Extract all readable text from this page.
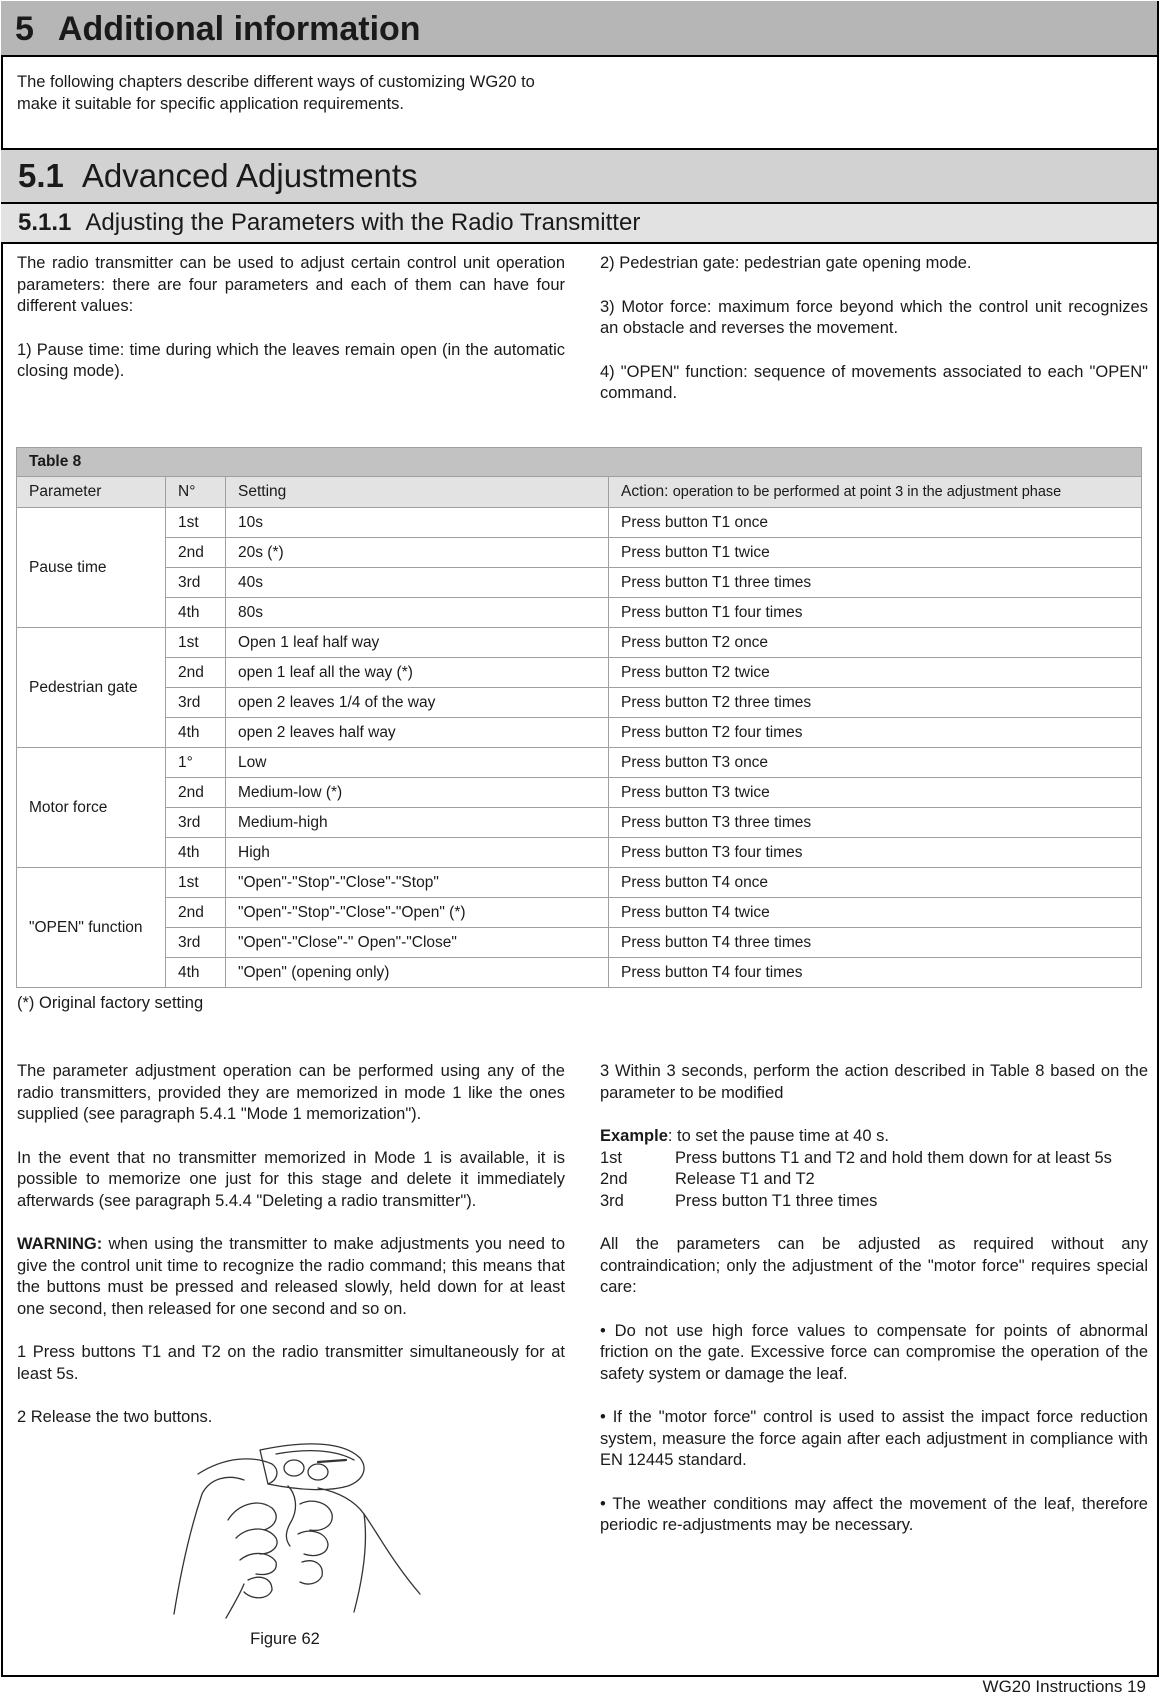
5 Additional information
The following chapters describe different ways of customizing WG20 to make it suitable for specific application requirements.
5.1 Advanced Adjustments
5.1.1 Adjusting the Parameters with the Radio Transmitter

The radio transmitter can be used to adjust certain control unit operation parameters: there are four parameters and each of them can have four different values:

1) Pause time: time during which the leaves remain open (in the automatic closing mode).

2) Pedestrian gate: pedestrian gate opening mode.

3) Motor force: maximum force beyond which the control unit recognizes an obstacle and reverses the movement.

4) "OPEN" function: sequence of movements associated to each "OPEN" command.

Table 8			
Parameter	N°	Setting	Action: operation to be performed at point 3 in the adjustment phase
Pause time	1st	10s	Press button T1 once
	2nd	20s (*)	Press button T1 twice
	3rd	40s	Press button T1 three times
	4th	80s	Press button T1 four times
Pedestrian gate	1st	Open 1 leaf half way	Press button T2 once
	2nd	open 1 leaf all the way (*)	Press button T2 twice
	3rd	open 2 leaves 1/4 of the way	Press button T2 three times
	4th	open 2 leaves half way	Press button T2 four times
Motor force	1°	Low	Press button T3 once
	2nd	Medium-low (*)	Press button T3 twice
	3rd	Medium-high	Press button T3 three times
	4th	High	Press button T3 four times
"OPEN" function	1st	"Open"-"Stop"-"Close"-"Stop"	Press button T4 once
	2nd	"Open"-"Stop"-"Close"-"Open" (*)	Press button T4 twice
	3rd	"Open"-"Close"-" Open"-"Close"	Press button T4 three times
	4th	"Open" (opening only)	Press button T4 four times
(*) Original factory setting

The parameter adjustment operation can be performed using any of the radio transmitters, provided they are memorized in mode 1 like the ones supplied (see paragraph 5.4.1 "Mode 1 memorization").

In the event that no transmitter memorized in Mode 1 is available, it is possible to memorize one just for this stage and delete it immediately afterwards (see paragraph 5.4.4 "Deleting a radio transmitter").

WARNING: when using the transmitter to make adjustments you need to give the control unit time to recognize the radio command; this means that the buttons must be pressed and released slowly, held down for at least one second, then released for one second and so on.

1 Press buttons T1 and T2 on the radio transmitter simultaneously for at least 5s.

2 Release the two buttons.

Figure 62

3 Within 3 seconds, perform the action described in Table 8 based on the parameter to be modified

Example: to set the pause time at 40 s.
1st	Press buttons T1 and T2 and hold them down for at least 5s
2nd	Release T1 and T2
3rd	Press button T1 three times

All the parameters can be adjusted as required without any contraindication; only the adjustment of the "motor force" requires special care:

• Do not use high force values to compensate for points of abnormal friction on the gate. Excessive force can compromise the operation of the safety system or damage the leaf.

• If the "motor force" control is used to assist the impact force reduction system, measure the force again after each adjustment in compliance with EN 12445 standard.

• The weather conditions may affect the movement of the leaf, therefore periodic re-adjustments may be necessary.

WG20 Instructions 19
